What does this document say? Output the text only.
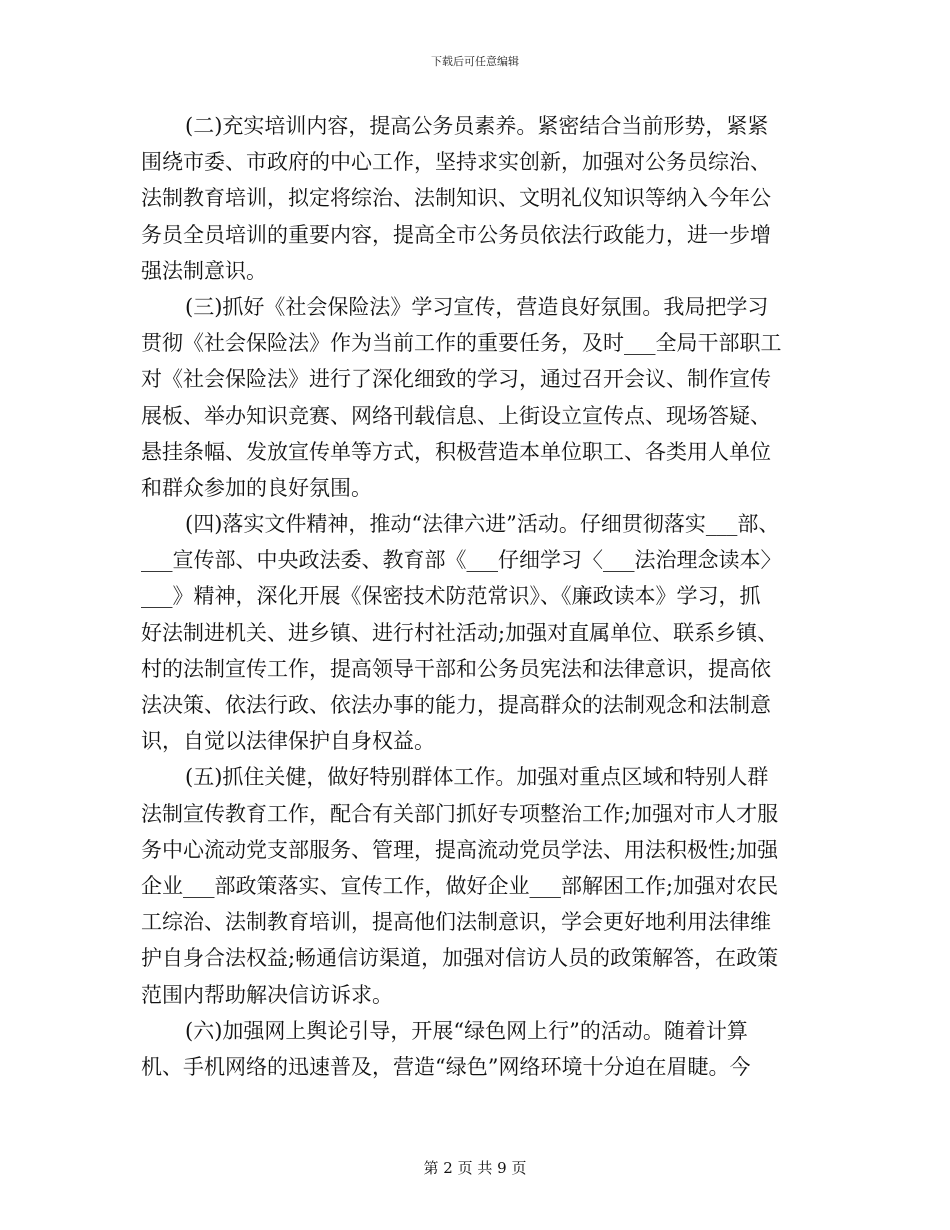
下载后可任意编辑
(二)充实培训内容，提高公务员素养。紧密结合当前形势，紧紧
围绕市委、市政府的中心工作，坚持求实创新，加强对公务员综治、
法制教育培训，拟定将综治、法制知识、文明礼仪知识等纳入今年公
务员全员培训的重要内容，提高全市公务员依法行政能力，进一步增
强法制意识。
(三)抓好《社会保险法》学习宣传，营造良好氛围。我局把学习
贯彻《社会保险法》作为当前工作的重要任务，及时___全局干部职工
对《社会保险法》进行了深化细致的学习，通过召开会议、制作宣传
展板、举办知识竞赛、网络刊载信息、上街设立宣传点、现场答疑、
悬挂条幅、发放宣传单等方式，积极营造本单位职工、各类用人单位
和群众参加的良好氛围。
(四)落实文件精神，推动“法律六进”活动。仔细贯彻落实___部、
___宣传部、中央政法委、教育部《___仔细学习〈___法治理念读本〉
___》精神，深化开展《保密技术防范常识》、《廉政读本》学习，抓
好法制进机关、进乡镇、进行村社活动;加强对直属单位、联系乡镇、
村的法制宣传工作，提高领导干部和公务员宪法和法律意识，提高依
法决策、依法行政、依法办事的能力，提高群众的法制观念和法制意
识，自觉以法律保护自身权益。
(五)抓住关健，做好特别群体工作。加强对重点区域和特别人群
法制宣传教育工作，配合有关部门抓好专项整治工作;加强对市人才服
务中心流动党支部服务、管理，提高流动党员学法、用法积极性;加强
企业___部政策落实、宣传工作，做好企业___部解困工作;加强对农民
工综治、法制教育培训，提高他们法制意识，学会更好地利用法律维
护自身合法权益;畅通信访渠道，加强对信访人员的政策解答，在政策
范围内帮助解决信访诉求。
(六)加强网上舆论引导，开展“绿色网上行”的活动。随着计算
机、手机网络的迅速普及，营造“绿色”网络环境十分迫在眉睫。今
第 2 页 共 9 页
